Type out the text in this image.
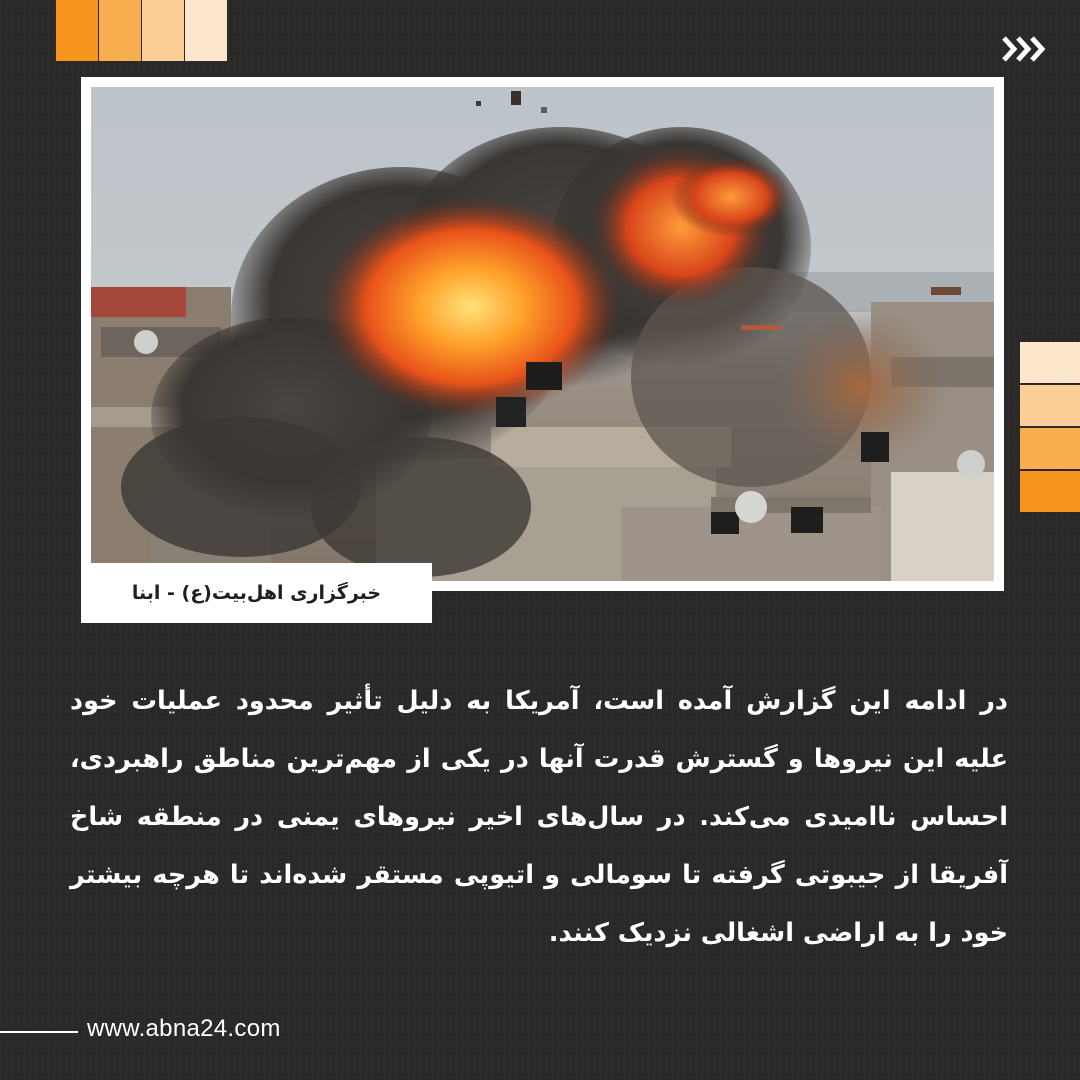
خبرگزاری اهل‌بیت(ع) - ابنا
در ادامه این گزارش آمده است، آمریکا به دلیل تأثیر محدود عملیات خود علیه این نیروها و گسترش قدرت آنها در یکی از مهم‌ترین مناطق راهبردی، احساس ناامیدی می‌کند. در سال‌های اخیر نیروهای یمنی در منطقه شاخ آفریقا از جیبوتی گرفته تا سومالی و اتیوپی مستقر شده‌اند تا هرچه بیشتر خود را به اراضی اشغالی نزدیک کنند.
www.abna24.com
